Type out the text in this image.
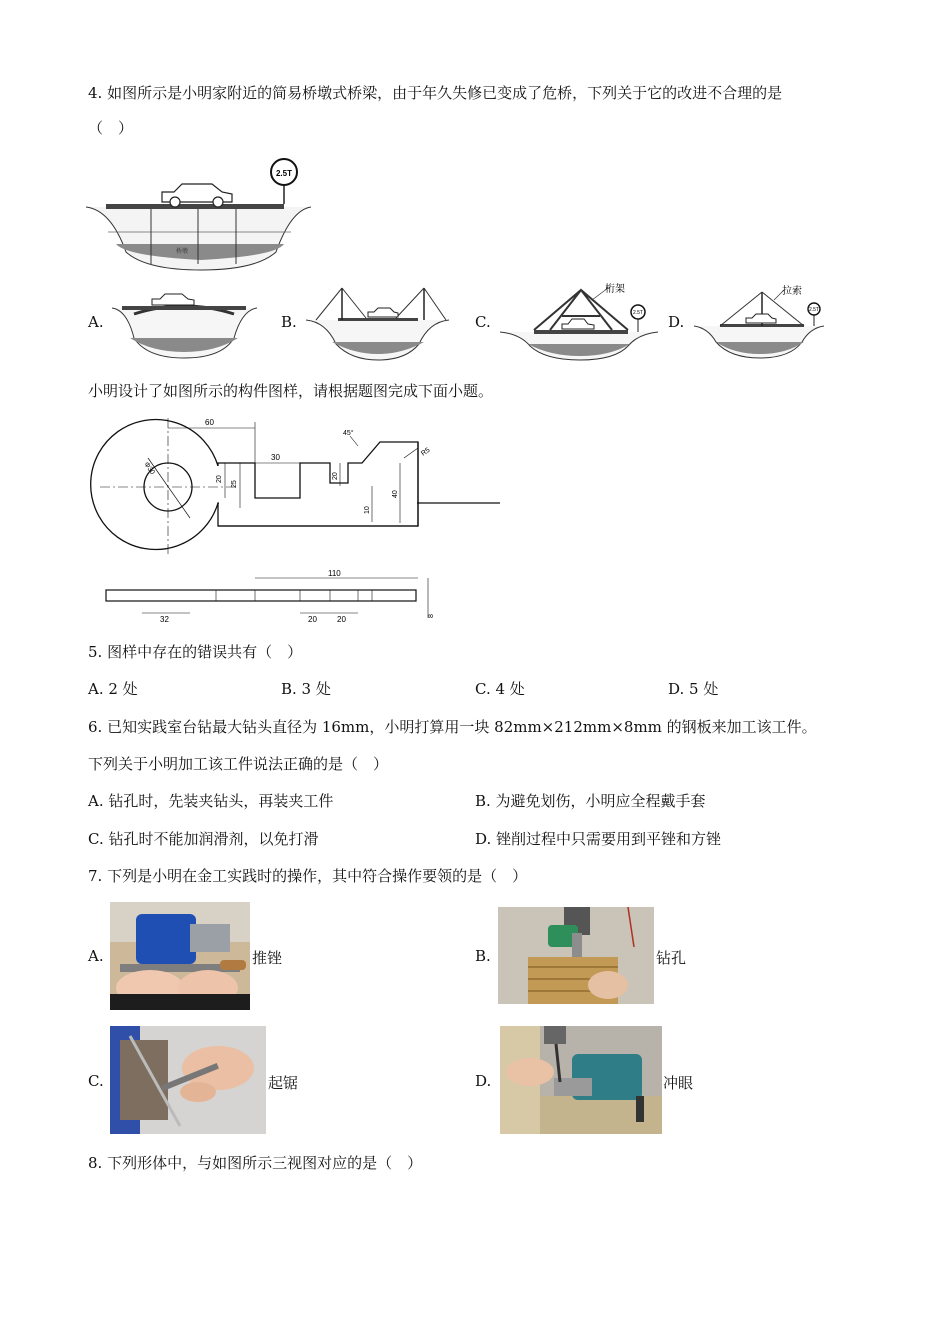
4. 如图所示是小明家附近的简易桥墩式桥梁，由于年久失修已变成了危桥，下列关于它的改进不合理的是
（　）
桥墩
2.5T
A.	B.	C.
桁架
2.5T D.
拉索
2.5T
小明设计了如图所示的构件图样，请根据题图完成下面小题。
60
30
45°
R5
20
25
20
40
10
Φ30
110
32	20	20	8
5. 图样中存在的错误共有（　）
A. 2 处	B. 3 处	C. 4 处	D. 5 处
6. 已知实践室台钻最大钻头直径为 16mm，小明打算用一块 82mm×212mm×8mm 的钢板来加工该工件。
下列关于小明加工该工件说法正确的是（　）
A. 钻孔时，先装夹钻头，再装夹工件	B. 为避免划伤，小明应全程戴手套
C. 钻孔时不能加润滑剂，以免打滑	D. 锉削过程中只需要用到平锉和方锉
7. 下列是小明在金工实践时的操作，其中符合操作要领的是（　）
A.	推锉	B.	钻孔
C.	起锯	D.	冲眼
8. 下列形体中，与如图所示三视图对应的是（　）
